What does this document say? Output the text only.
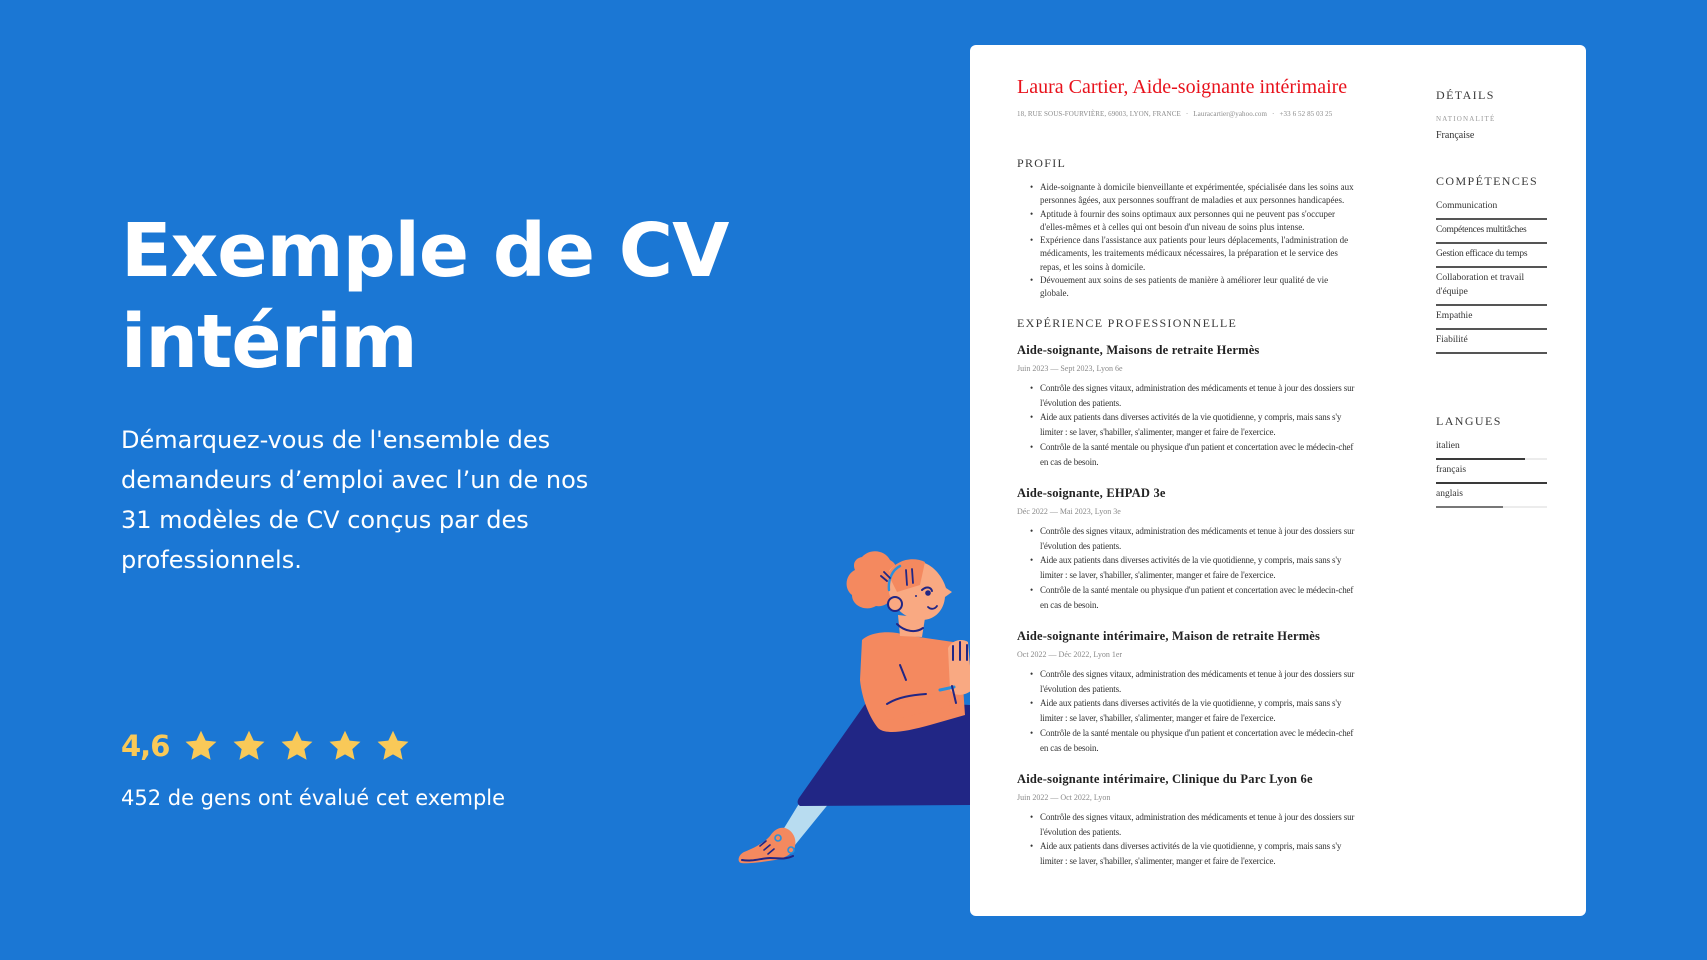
Exemple de CV
intérim

Démarquez-vous de l'ensemble des demandeurs d’emploi avec l’un de nos 31 modèles de CV conçus par des professionnels.

4,6

452 de gens ont évalué cet exemple

Laura Cartier, Aide-soignante intérimaire
18, RUE SOUS-FOURVIÈRE, 69003, LYON, FRANCE · Lauracartier@yahoo.com · +33 6 52 85 03 25
PROFIL
• Aide-soignante à domicile bienveillante et expérimentée, spécialisée dans les soins aux personnes âgées, aux personnes souffrant de maladies et aux personnes handicapées.
• Aptitude à fournir des soins optimaux aux personnes qui ne peuvent pas s'occuper d'elles-mêmes et à celles qui ont besoin d'un niveau de soins plus intense.
• Expérience dans l'assistance aux patients pour leurs déplacements, l'administration de médicaments, les traitements médicaux nécessaires, la préparation et le service des repas, et les soins à domicile.
• Dévouement aux soins de ses patients de manière à améliorer leur qualité de vie globale.
EXPÉRIENCE PROFESSIONNELLE
Aide-soignante, Maisons de retraite Hermès
Juin 2023 — Sept 2023, Lyon 6e
• Contrôle des signes vitaux, administration des médicaments et tenue à jour des dossiers sur l'évolution des patients.
• Aide aux patients dans diverses activités de la vie quotidienne, y compris, mais sans s'y limiter : se laver, s'habiller, s'alimenter, manger et faire de l'exercice.
• Contrôle de la santé mentale ou physique d'un patient et concertation avec le médecin-chef en cas de besoin.
Aide-soignante, EHPAD 3e
Déc 2022 — Mai 2023, Lyon 3e
• Contrôle des signes vitaux, administration des médicaments et tenue à jour des dossiers sur l'évolution des patients.
• Aide aux patients dans diverses activités de la vie quotidienne, y compris, mais sans s'y limiter : se laver, s'habiller, s'alimenter, manger et faire de l'exercice.
• Contrôle de la santé mentale ou physique d'un patient et concertation avec le médecin-chef en cas de besoin.
Aide-soignante intérimaire, Maison de retraite Hermès
Oct 2022 — Déc 2022, Lyon 1er
• Contrôle des signes vitaux, administration des médicaments et tenue à jour des dossiers sur l'évolution des patients.
• Aide aux patients dans diverses activités de la vie quotidienne, y compris, mais sans s'y limiter : se laver, s'habiller, s'alimenter, manger et faire de l'exercice.
• Contrôle de la santé mentale ou physique d'un patient et concertation avec le médecin-chef en cas de besoin.
Aide-soignante intérimaire, Clinique du Parc Lyon 6e
Juin 2022 — Oct 2022, Lyon
• Contrôle des signes vitaux, administration des médicaments et tenue à jour des dossiers sur l'évolution des patients.
• Aide aux patients dans diverses activités de la vie quotidienne, y compris, mais sans s'y limiter : se laver, s'habiller, s'alimenter, manger et faire de l'exercice.
DÉTAILS
NATIONALITÉ
Française
COMPÉTENCES
Communication
Compétences multitâches
Gestion efficace du temps
Collaboration et travail d'équipe
Empathie
Fiabilité
LANGUES
italien
français
anglais
